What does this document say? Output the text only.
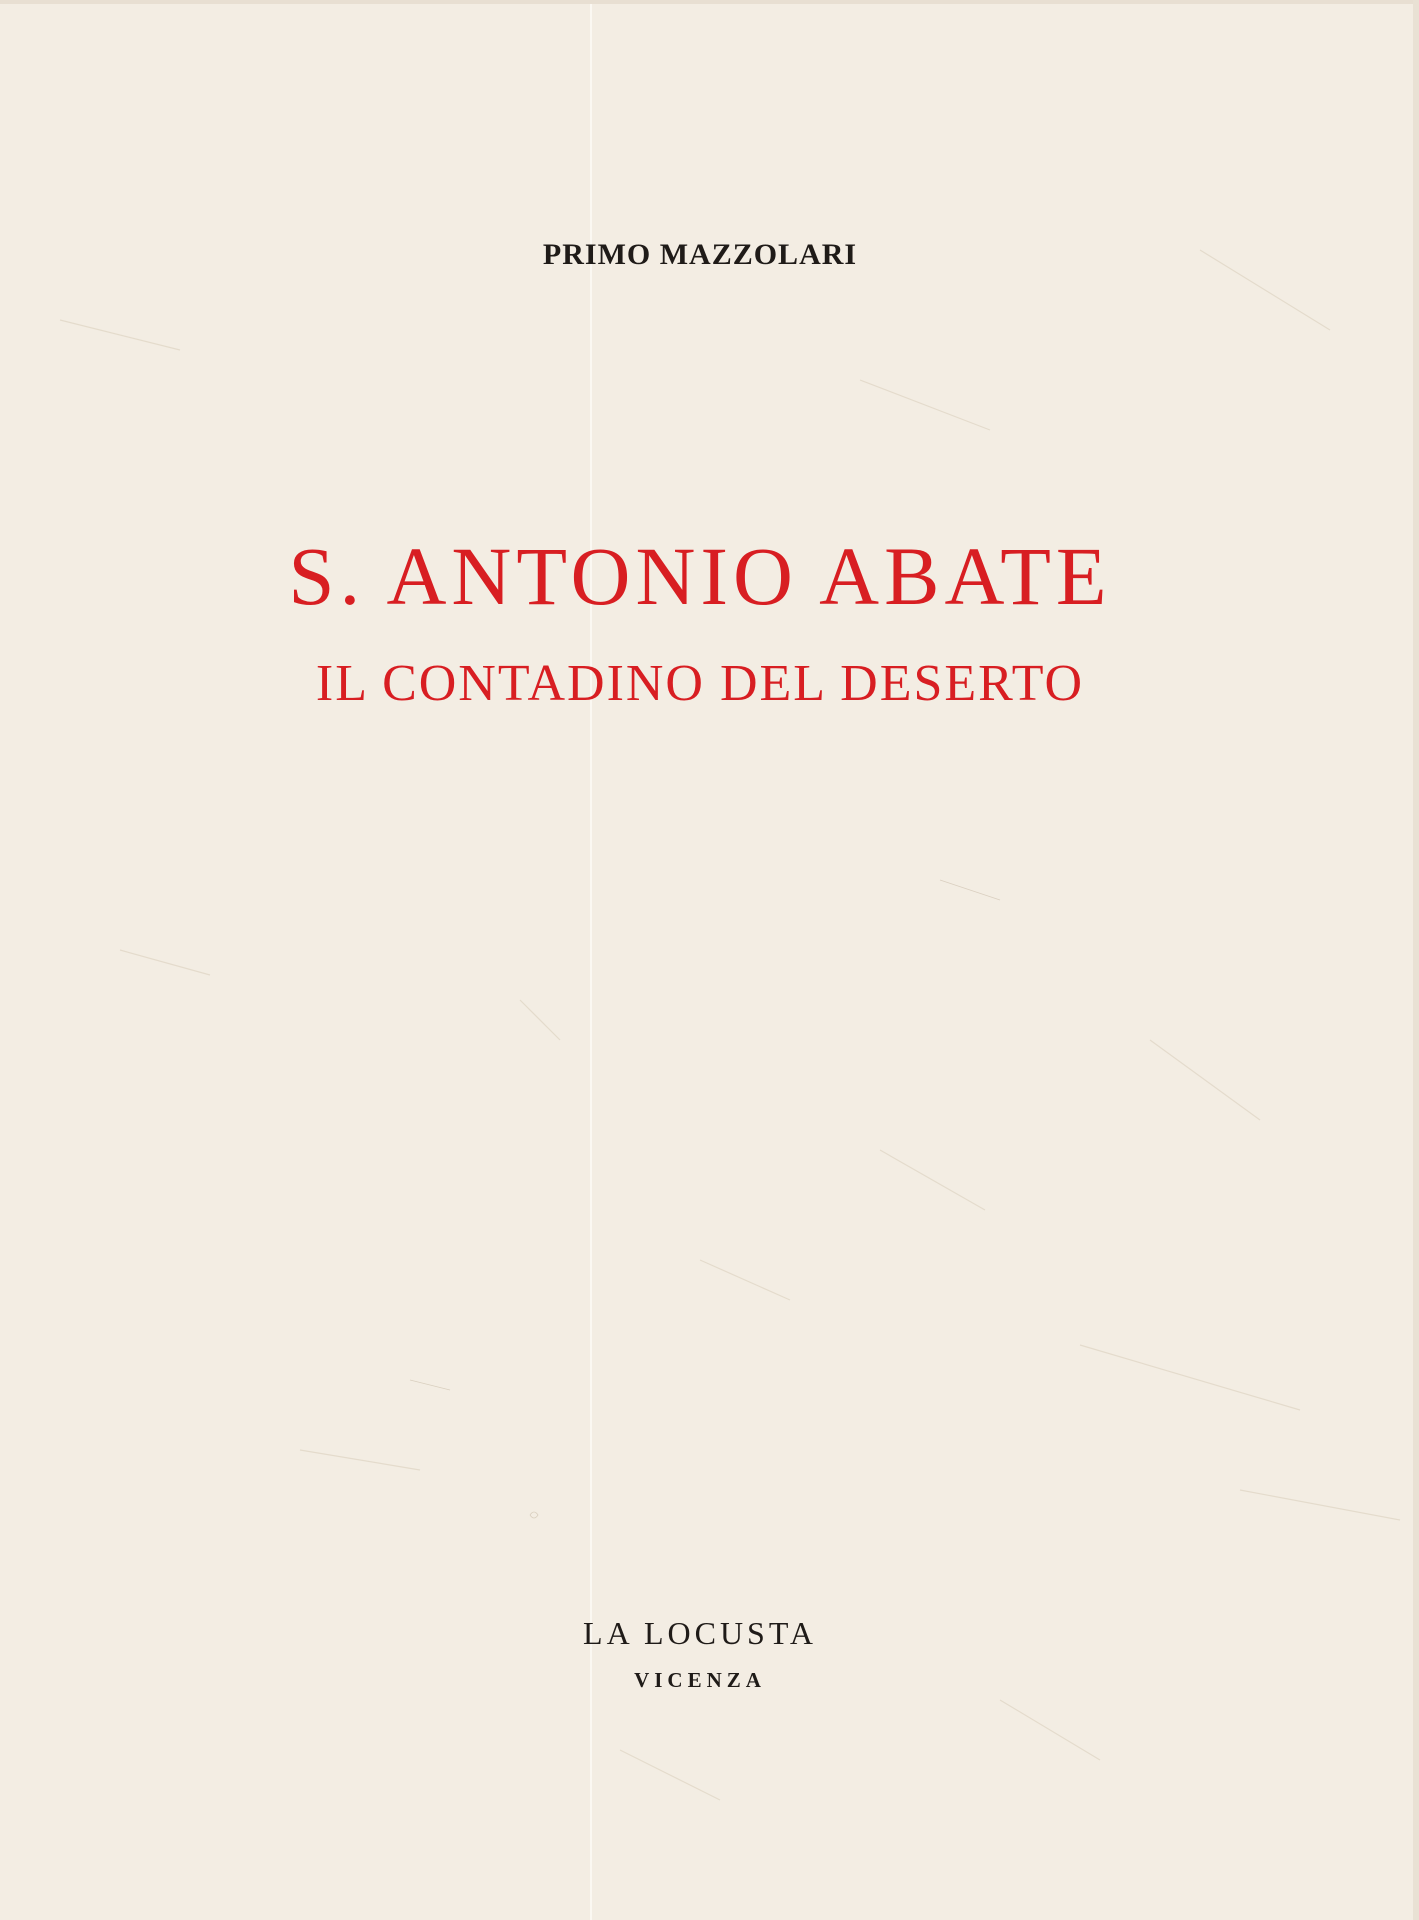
PRIMO MAZZOLARI
S. ANTONIO ABATE
IL CONTADINO DEL DESERTO
LA LOCUSTA
VICENZA
